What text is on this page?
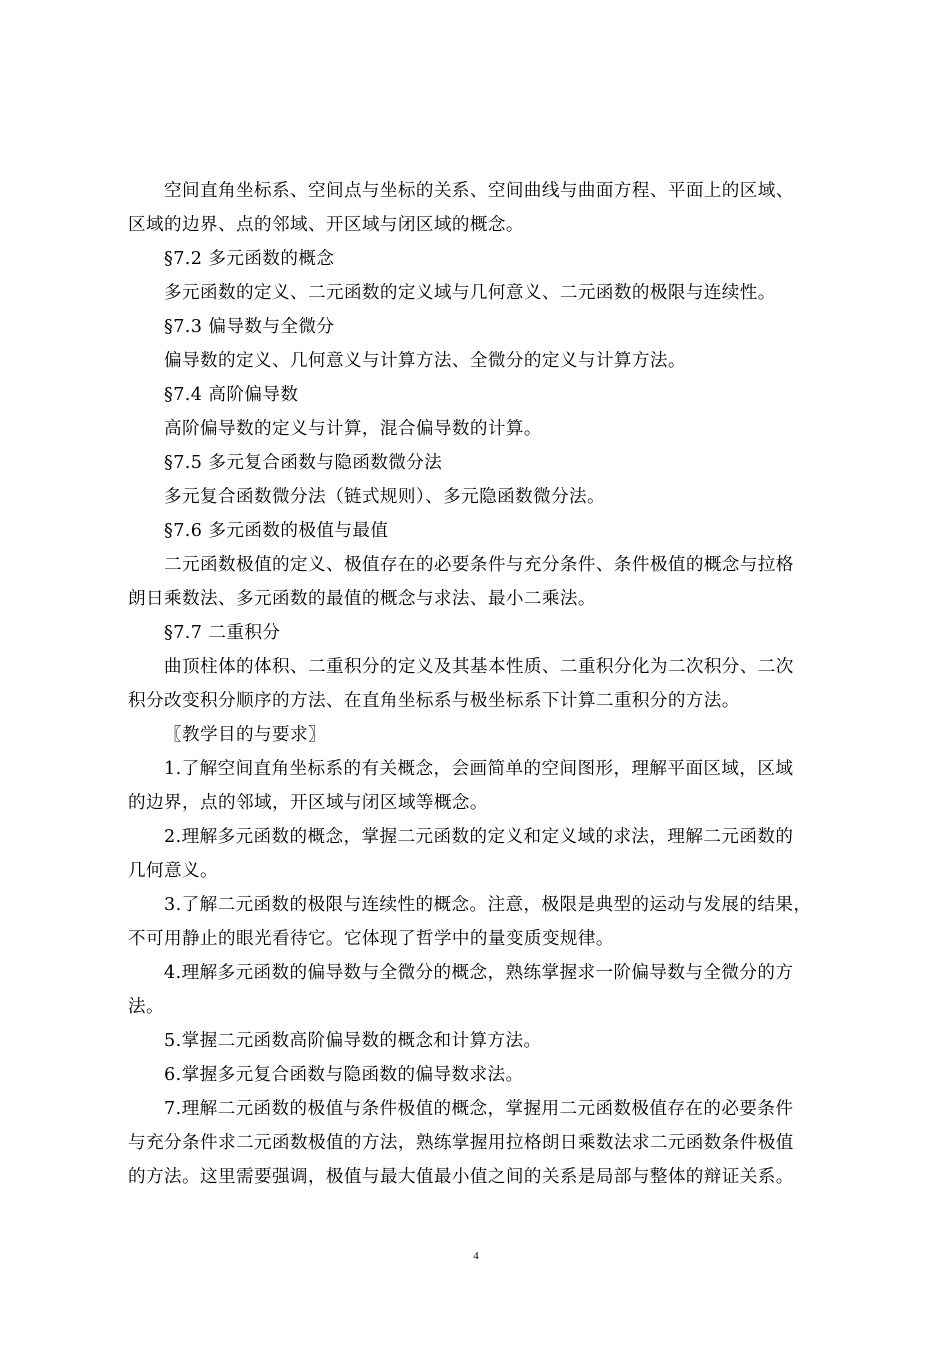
空间直角坐标系、空间点与坐标的关系、空间曲线与曲面方程、平面上的区域、
区域的边界、点的邻域、开区域与闭区域的概念。
§7.2 多元函数的概念
多元函数的定义、二元函数的定义域与几何意义、二元函数的极限与连续性。
§7.3 偏导数与全微分
偏导数的定义、几何意义与计算方法、全微分的定义与计算方法。
§7.4 高阶偏导数
高阶偏导数的定义与计算，混合偏导数的计算。
§7.5 多元复合函数与隐函数微分法
多元复合函数微分法（链式规则）、多元隐函数微分法。
§7.6 多元函数的极值与最值
二元函数极值的定义、极值存在的必要条件与充分条件、条件极值的概念与拉格
朗日乘数法、多元函数的最值的概念与求法、最小二乘法。
§7.7 二重积分
曲顶柱体的体积、二重积分的定义及其基本性质、二重积分化为二次积分、二次
积分改变积分顺序的方法、在直角坐标系与极坐标系下计算二重积分的方法。
〖教学目的与要求〗
1.了解空间直角坐标系的有关概念，会画简单的空间图形，理解平面区域，区域
的边界，点的邻域，开区域与闭区域等概念。
2.理解多元函数的概念，掌握二元函数的定义和定义域的求法，理解二元函数的
几何意义。
3.了解二元函数的极限与连续性的概念。注意，极限是典型的运动与发展的结果，
不可用静止的眼光看待它。它体现了哲学中的量变质变规律。
4.理解多元函数的偏导数与全微分的概念，熟练掌握求一阶偏导数与全微分的方
法。
5.掌握二元函数高阶偏导数的概念和计算方法。
6.掌握多元复合函数与隐函数的偏导数求法。
7.理解二元函数的极值与条件极值的概念，掌握用二元函数极值存在的必要条件
与充分条件求二元函数极值的方法，熟练掌握用拉格朗日乘数法求二元函数条件极值
的方法。这里需要强调，极值与最大值最小值之间的关系是局部与整体的辩证关系。
4
